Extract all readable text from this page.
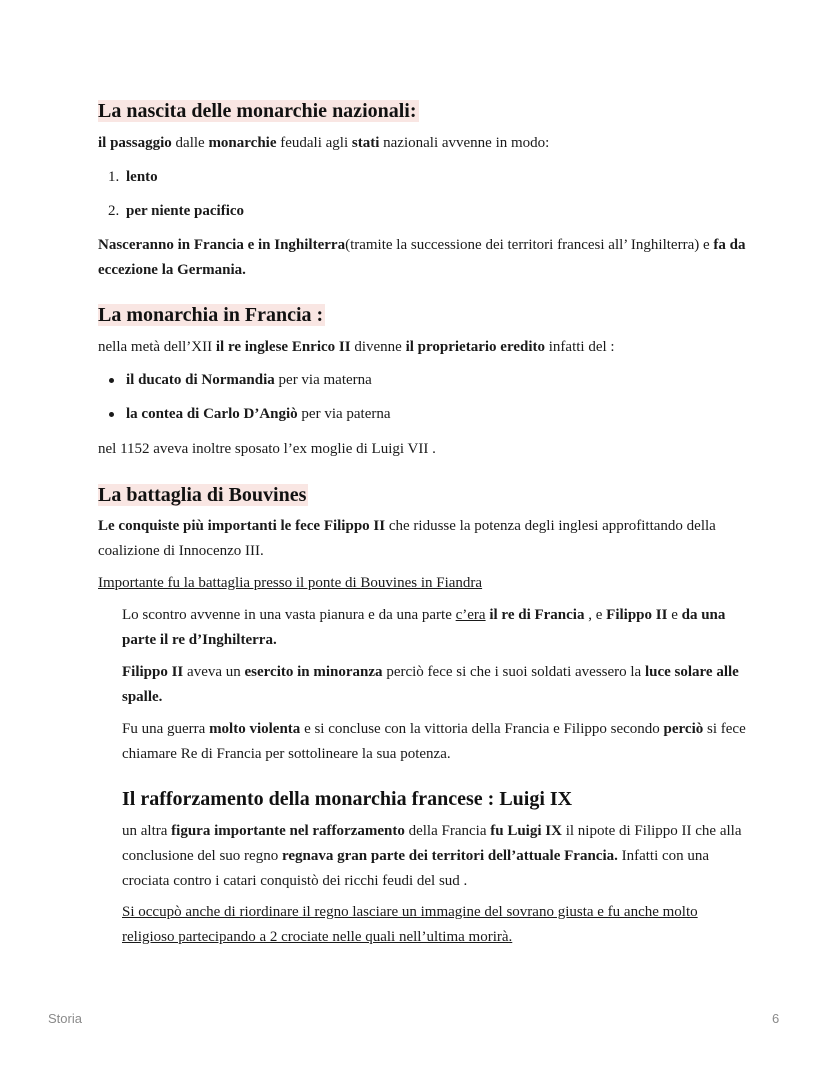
La nascita delle monarchie nazionali:

il passaggio dalle monarchie feudali agli stati nazionali avvenne in modo:

1. lento
2. per niente pacifico

Nasceranno in Francia e in Inghilterra(tramite la successione dei territori francesi all’ Inghilterra) e fa da eccezione la Germania.

La monarchia in Francia :

nella metà dell’XII il re inglese Enrico II divenne il proprietario eredito infatti del :

il ducato di Normandia per via materna
la contea di Carlo D’Angiò per via paterna

nel 1152 aveva inoltre sposato l’ex moglie di Luigi VII .

La battaglia di Bouvines

Le conquiste più importanti le fece Filippo II che ridusse la potenza degli inglesi approfittando della coalizione di Innocenzo III.

Importante fu la battaglia presso il ponte di Bouvines in Fiandra

Lo scontro avvenne in una vasta pianura e da una parte c’era il re di Francia , e Filippo II e da una parte il re d’Inghilterra.

Filippo II aveva un esercito in minoranza perciò fece si che i suoi soldati avessero la luce solare alle spalle.

Fu una guerra molto violenta e si concluse con la vittoria della Francia e Filippo secondo perciò si fece chiamare Re di Francia per sottolineare la sua potenza.

Il rafforzamento della monarchia francese : Luigi IX

un altra figura importante nel rafforzamento della Francia fu Luigi IX il nipote di Filippo II che alla conclusione del suo regno regnava gran parte dei territori dell’attuale Francia. Infatti con una crociata contro i catari conquistò dei ricchi feudi del sud .

Si occupò anche di riordinare il regno lasciare un immagine del sovrano giusta e fu anche molto religioso partecipando a 2 crociate nelle quali nell’ultima morirà.

Storia	6
